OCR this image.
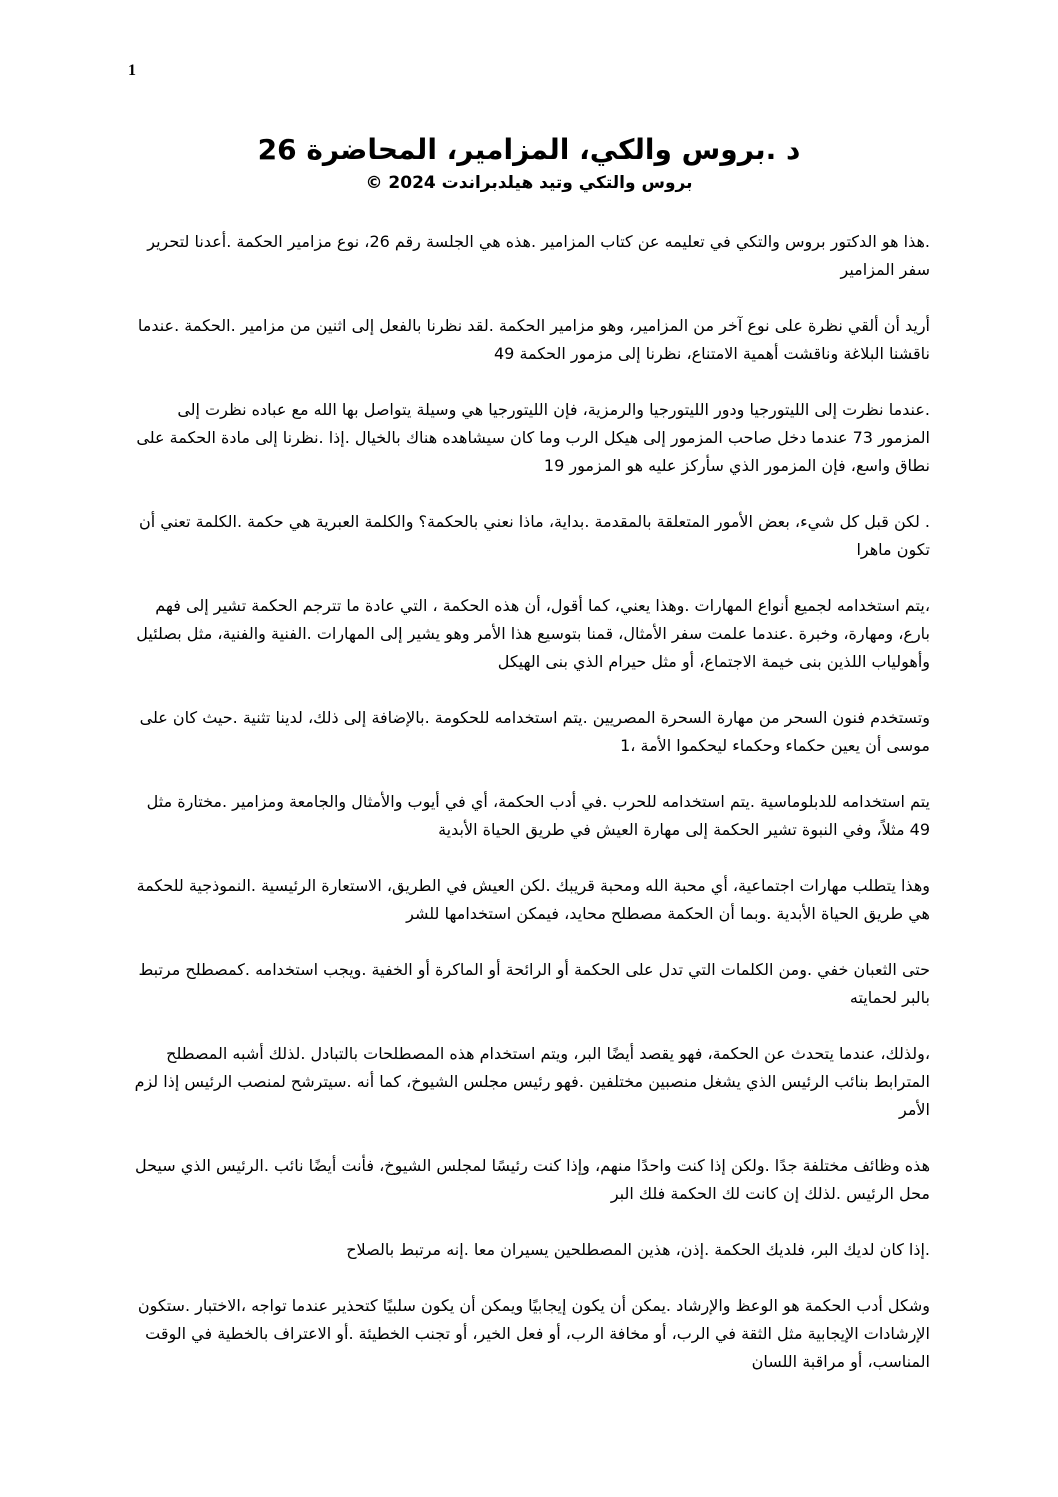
1

د .بروس والكي، المزامير، المحاضرة 26

بروس والتكي وتيد هيلدبراندت 2024 ©

.هذا هو الدكتور بروس والتكي في تعليمه عن كتاب المزامير .هذه هي الجلسة رقم 26، نوع مزامير الحكمة .أعدنا لتحرير سفر المزامير

أريد أن ألقي نظرة على نوع آخر من المزامير، وهو مزامير الحكمة .لقد نظرنا بالفعل إلى اثنين من مزامير .الحكمة .عندما ناقشنا البلاغة وناقشت أهمية الامتناع، نظرنا إلى مزمور الحكمة 49

.عندما نظرت إلى الليتورجيا ودور الليتورجيا والرمزية، فإن الليتورجيا هي وسيلة يتواصل بها الله مع عباده نظرت إلى المزمور 73 عندما دخل صاحب المزمور إلى هيكل الرب وما كان سيشاهده هناك بالخيال .إذا .نظرنا إلى مادة الحكمة على نطاق واسع، فإن المزمور الذي سأركز عليه هو المزمور 19

. لكن قبل كل شيء، بعض الأمور المتعلقة بالمقدمة .بداية، ماذا نعني بالحكمة؟ والكلمة العبرية هي حكمة .الكلمة تعني أن تكون ماهرا

،يتم استخدامه لجميع أنواع المهارات .وهذا يعني، كما أقول، أن هذه الحكمة ، التي عادة ما تترجم الحكمة تشير إلى فهم بارع، ومهارة، وخبرة .عندما علمت سفر الأمثال، قمنا بتوسيع هذا الأمر وهو يشير إلى المهارات .الفنية والفنية، مثل بصلئيل وأهولياب اللذين بنى خيمة الاجتماع، أو مثل حيرام الذي بنى الهيكل

وتستخدم فنون السحر من مهارة السحرة المصريين .يتم استخدامه للحكومة .بالإضافة إلى ذلك، لدينا تثنية .حيث كان على موسى أن يعين حكماء وحكماء ليحكموا الأمة ،1

يتم استخدامه للدبلوماسية .يتم استخدامه للحرب .في أدب الحكمة، أي في أيوب والأمثال والجامعة ومزامير .مختارة مثل 49 مثلاً، وفي النبوة تشير الحكمة إلى مهارة العيش في طريق الحياة الأبدية

وهذا يتطلب مهارات اجتماعية، أي محبة الله ومحبة قريبك .لكن العيش في الطريق، الاستعارة الرئيسية .النموذجية للحكمة هي طريق الحياة الأبدية .وبما أن الحكمة مصطلح محايد، فيمكن استخدامها للشر

حتى الثعبان خفي .ومن الكلمات التي تدل على الحكمة أو الرائحة أو الماكرة أو الخفية .ويجب استخدامه .كمصطلح مرتبط بالبر لحمايته

،ولذلك، عندما يتحدث عن الحكمة، فهو يقصد أيضًا البر، ويتم استخدام هذه المصطلحات بالتبادل .لذلك أشبه المصطلح المترابط بنائب الرئيس الذي يشغل منصبين مختلفين .فهو رئيس مجلس الشيوخ، كما أنه .سيترشح لمنصب الرئيس إذا لزم الأمر

هذه وظائف مختلفة جدًا .ولكن إذا كنت واحدًا منهم، وإذا كنت رئيسًا لمجلس الشيوخ، فأنت أيضًا نائب .الرئيس الذي سيحل محل الرئيس .لذلك إن كانت لك الحكمة فلك البر

.إذا كان لديك البر، فلديك الحكمة .إذن، هذين المصطلحين يسيران معا .إنه مرتبط بالصلاح

وشكل أدب الحكمة هو الوعظ والإرشاد .يمكن أن يكون إيجابيًا ويمكن أن يكون سلبيًا كتحذير عندما تواجه ،الاختبار .ستكون الإرشادات الإيجابية مثل الثقة في الرب، أو مخافة الرب، أو فعل الخير، أو تجنب الخطيئة .أو الاعتراف بالخطية في الوقت المناسب، أو مراقبة اللسان
